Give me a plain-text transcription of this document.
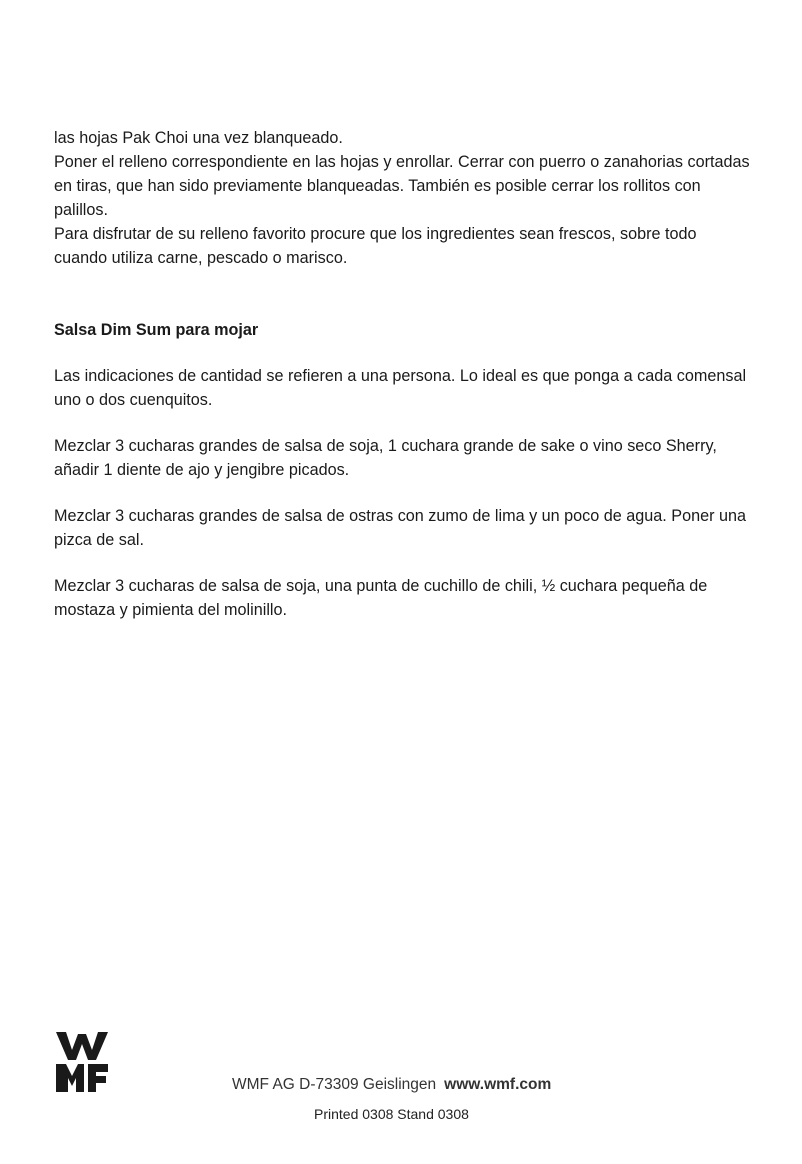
las hojas Pak Choi una vez blanqueado.

Poner el relleno correspondiente en las hojas y enrollar. Cerrar con puerro o zanahorias cortadas en tiras, que han sido previamente blanqueadas. También es posible cerrar los rollitos con palillos.

Para disfrutar de su relleno favorito procure que los ingredientes sean frescos, sobre todo cuando utiliza carne, pescado o marisco.

Salsa Dim Sum para mojar

Las indicaciones de cantidad se refieren a una persona. Lo ideal es que ponga a cada comensal uno o dos cuenquitos.

Mezclar 3 cucharas grandes de salsa de soja, 1 cuchara grande de sake o vino seco Sherry, añadir 1 diente de ajo y jengibre picados.

Mezclar 3 cucharas grandes de salsa de ostras con zumo de lima y un poco de agua. Poner una pizca de sal.

Mezclar 3 cucharas de salsa de soja, una punta de cuchillo de chili, ½ cuchara pequeña de mostaza y pimienta del molinillo.

WMF AG D-73309 Geislingen www.wmf.com
Printed 0308 Stand 0308
